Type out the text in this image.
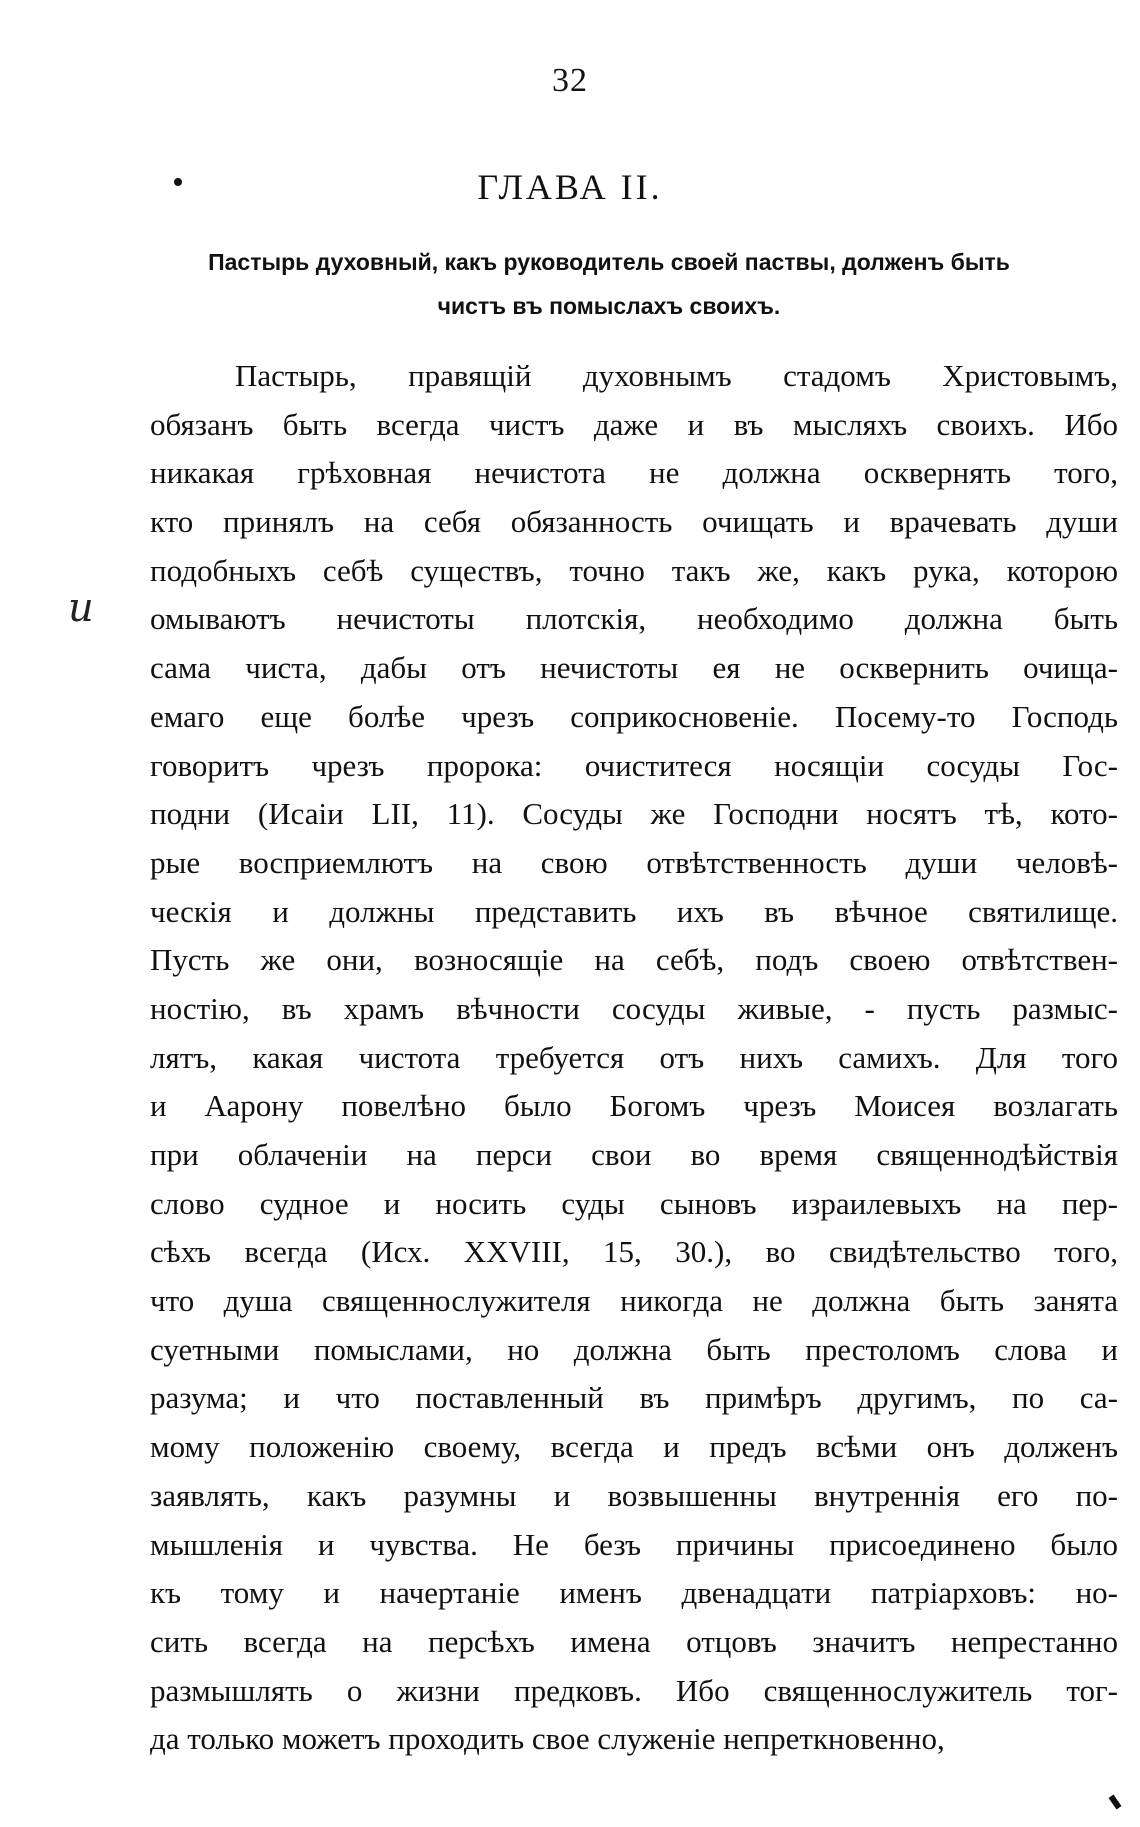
32
ГЛАВА II.
Пастырь духовный, какъ руководитель своей паствы, долженъ быть
чистъ въ помыслахъ своихъ.
и
Пастырь, правящій духовнымъ стадомъ Христовымъ,
обязанъ быть всегда чистъ даже и въ мысляхъ своихъ. Ибо
никакая грѣховная нечистота не должна осквернять того,
кто принялъ на себя обязанность очищать и врачевать души
подобныхъ себѣ существъ, точно такъ же, какъ рука, которою
омываютъ нечистоты плотскія, необходимо должна быть
сама чиста, дабы отъ нечистоты ея не осквернить очища-
емаго еще болѣе чрезъ соприкосновеніе. Посему-то Господь
говоритъ чрезъ пророка: очиститеся носящіи сосуды Гос-
подни (Исаіи LII, 11). Сосуды же Господни носятъ тѣ, кото-
рые восприемлютъ на свою отвѣтственность души человѣ-
ческія и должны представить ихъ въ вѣчное святилище.
Пусть же они, возносящіе на себѣ, подъ своею отвѣтствен-
ностію, въ храмъ вѣчности сосуды живые, - пусть размыс-
лятъ, какая чистота требуется отъ нихъ самихъ. Для того
и Аарону повелѣно было Богомъ чрезъ Моисея возлагать
при облаченіи на перси свои во время священнодѣйствія
слово судное и носить суды сыновъ израилевыхъ на пер-
сѣхъ всегда (Исх. XXVIII, 15, 30.), во свидѣтельство того,
что душа священнослужителя никогда не должна быть занята
суетными помыслами, но должна быть престоломъ слова и
разума; и что поставленный въ примѣръ другимъ, по са-
мому положенію своему, всегда и предъ всѣми онъ долженъ
заявлять, какъ разумны и возвышенны внутреннія его по-
мышленія и чувства. Не безъ причины присоединено было
къ тому и начертаніе именъ двенадцати патріарховъ: но-
сить всегда на персѣхъ имена отцовъ значитъ непрестанно
размышлять о жизни предковъ. Ибо священнослужитель тог-
да только можетъ проходить свое служеніе непреткновенно,
